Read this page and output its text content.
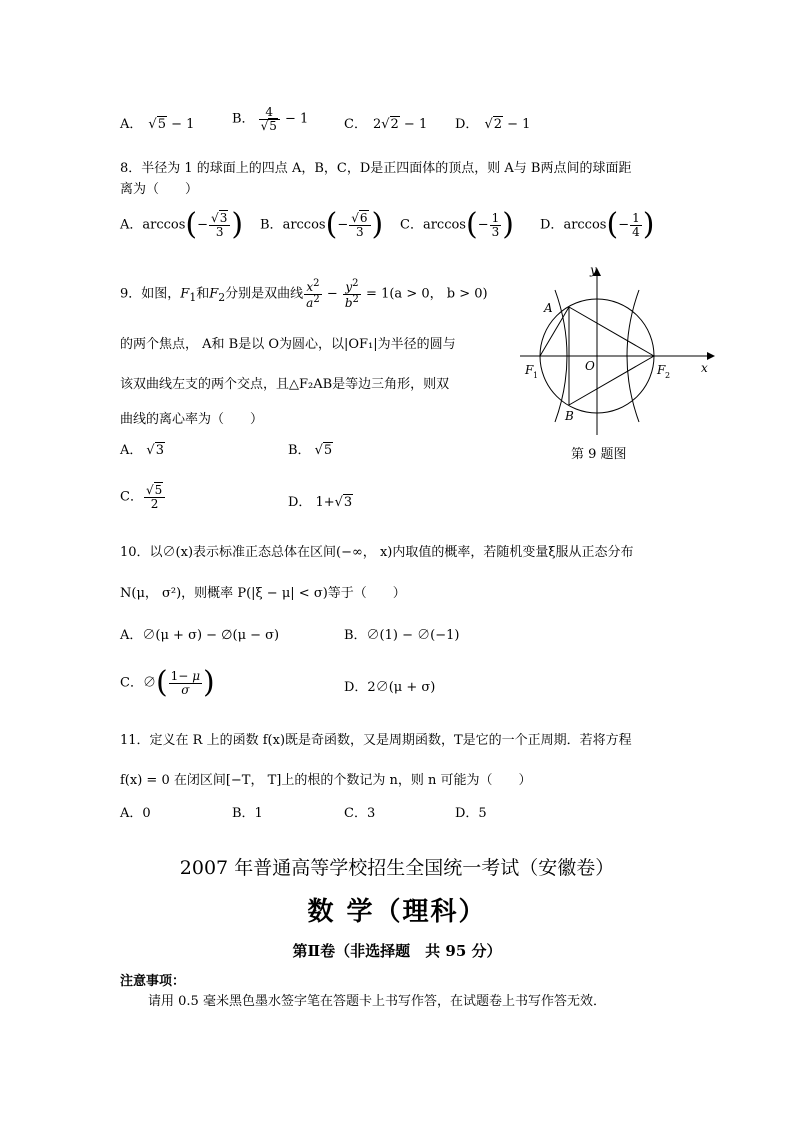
A． √5 − 1	B． $\frac{4}{√5} - 1$	C． 2√2 − 1 D． √2 − 1
8．半径为 1 的球面上的四点 A，B，C，D是正四面体的顶点，则 A与 B两点间的球面距
离为（　　）
A．$\arccos(- \frac{√3}{3}$ ) B．$\arccos(- \frac{√6}{3}$ ) C．$\arccos(- \frac{1}{3}$ ) D．$\arccos(- \frac{1}{4}$ )
9．如图，$F_1$和$F_2$分别是双曲线 $\frac{x^2}{a^2} - \frac{y^2}{b^2} = 1(a > 0$， b > 0)
的两个焦点， A和 B是以 O为圆心，以|OF₁|为半径的圆与
该双曲线左支的两个交点，且△F₂AB是等边三角形，则双
曲线的离心率为（　　）
A． √3	B． √5
C． $\frac{√5}{2}$	D． 1+√3
y
x
A
B
O
F 1	F 2
第 9 题图
10．以∅(x)表示标准正态总体在区间(−∞， x)内取值的概率，若随机变量ξ服从正态分布
N(μ， σ²)，则概率 P(|ξ − μ| < σ)等于（　　）
A．∅(μ + σ) − ∅(μ − σ)	B．∅(1) − ∅(−1)
C．∅( $\frac{1- \mu}{\sigma}$ )	D．2∅(μ + σ)
11．定义在 R 上的函数 f(x)既是奇函数，又是周期函数，T是它的一个正周期．若将方程
f(x) = 0 在闭区间[−T， T]上的根的个数记为 n，则 n 可能为（　　）
A．0	B．1	C．3	D．5
2007 年普通高等学校招生全国统一考试（安徽卷）
数 学（理科）
第Ⅱ卷（非选择题　共 95 分）
注意事项：
请用 0.5 毫米黑色墨水签字笔在答题卡上书写作答，在试题卷上书写作答无效．
